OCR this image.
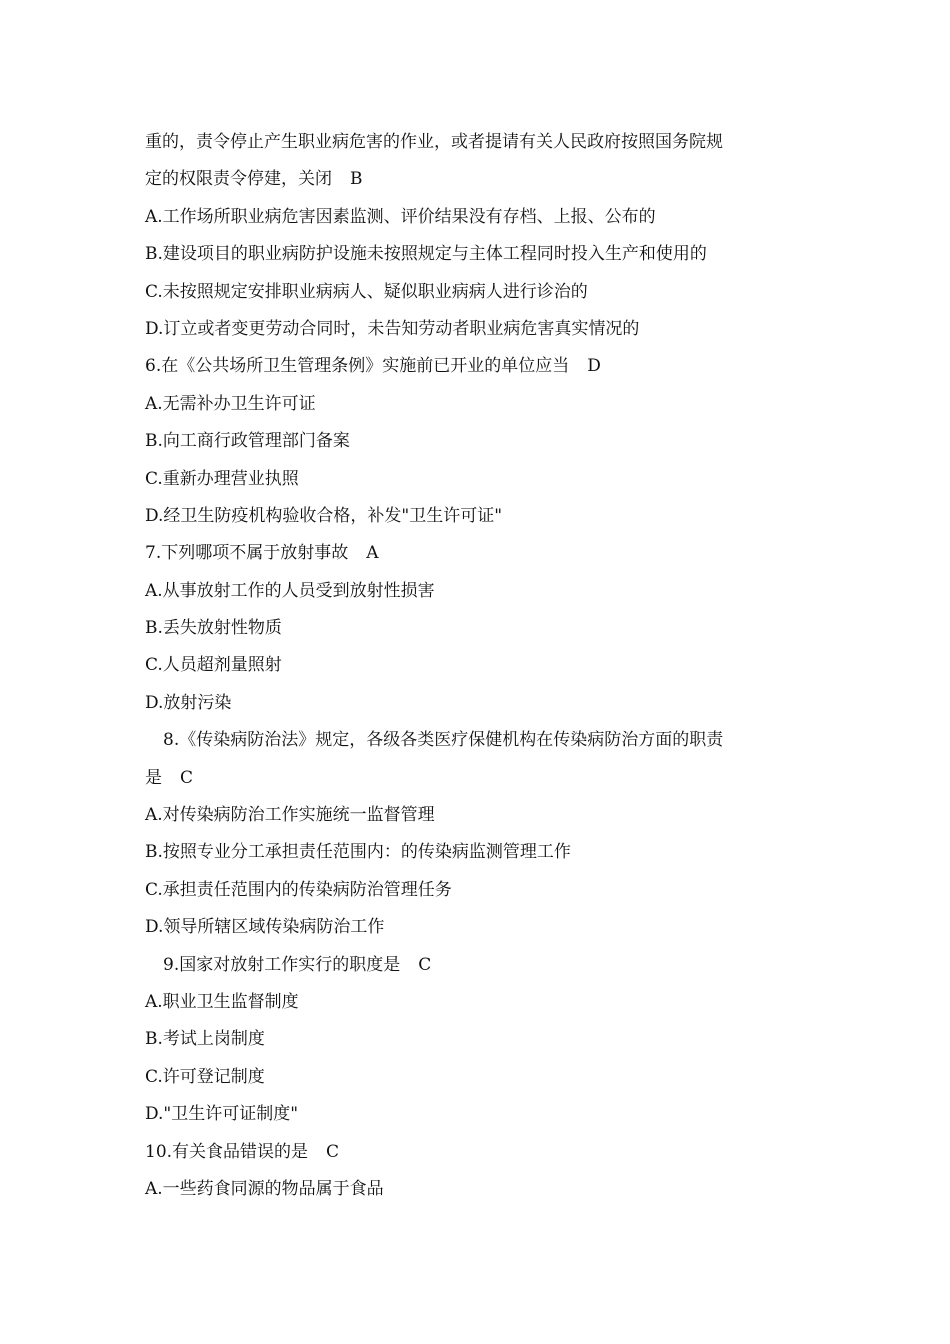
重的，责令停止产生职业病危害的作业，或者提请有关人民政府按照国务院规
定的权限责令停建，关闭 B
A.工作场所职业病危害因素监测、评价结果没有存档、上报、公布的
B.建设项目的职业病防护设施未按照规定与主体工程同时投入生产和使用的
C.未按照规定安排职业病病人、疑似职业病病人进行诊治的
D.订立或者变更劳动合同时，未告知劳动者职业病危害真实情况的
6.在《公共场所卫生管理条例》实施前已开业的单位应当 D
A.无需补办卫生许可证
B.向工商行政管理部门备案
C.重新办理营业执照
D.经卫生防疫机构验收合格，补发"卫生许可证"
7.下列哪项不属于放射事故 A
A.从事放射工作的人员受到放射性损害
B.丢失放射性物质
C.人员超剂量照射
D.放射污染
8.《传染病防治法》规定，各级各类医疗保健机构在传染病防治方面的职责
是 C
A.对传染病防治工作实施统一监督管理
B.按照专业分工承担责任范围内：的传染病监测管理工作
C.承担责任范围内的传染病防治管理任务
D.领导所辖区域传染病防治工作
9.国家对放射工作实行的职度是 C
A.职业卫生监督制度
B.考试上岗制度
C.许可登记制度
D."卫生许可证制度"
10.有关食品错误的是 C
A.一些药食同源的物品属于食品
